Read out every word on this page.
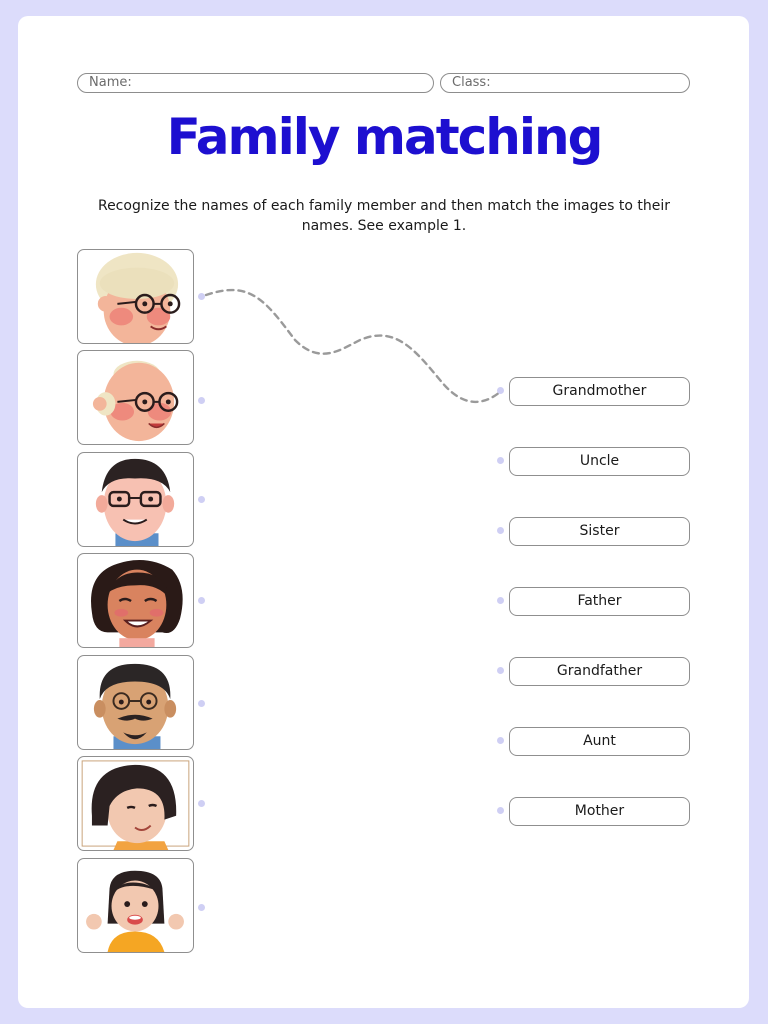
Name:	Class:
Family matching

Recognize the names of each family member and then match the images to their names. See example 1.

Grandmother
Uncle
Sister
Father
Grandfather
Aunt
Mother
